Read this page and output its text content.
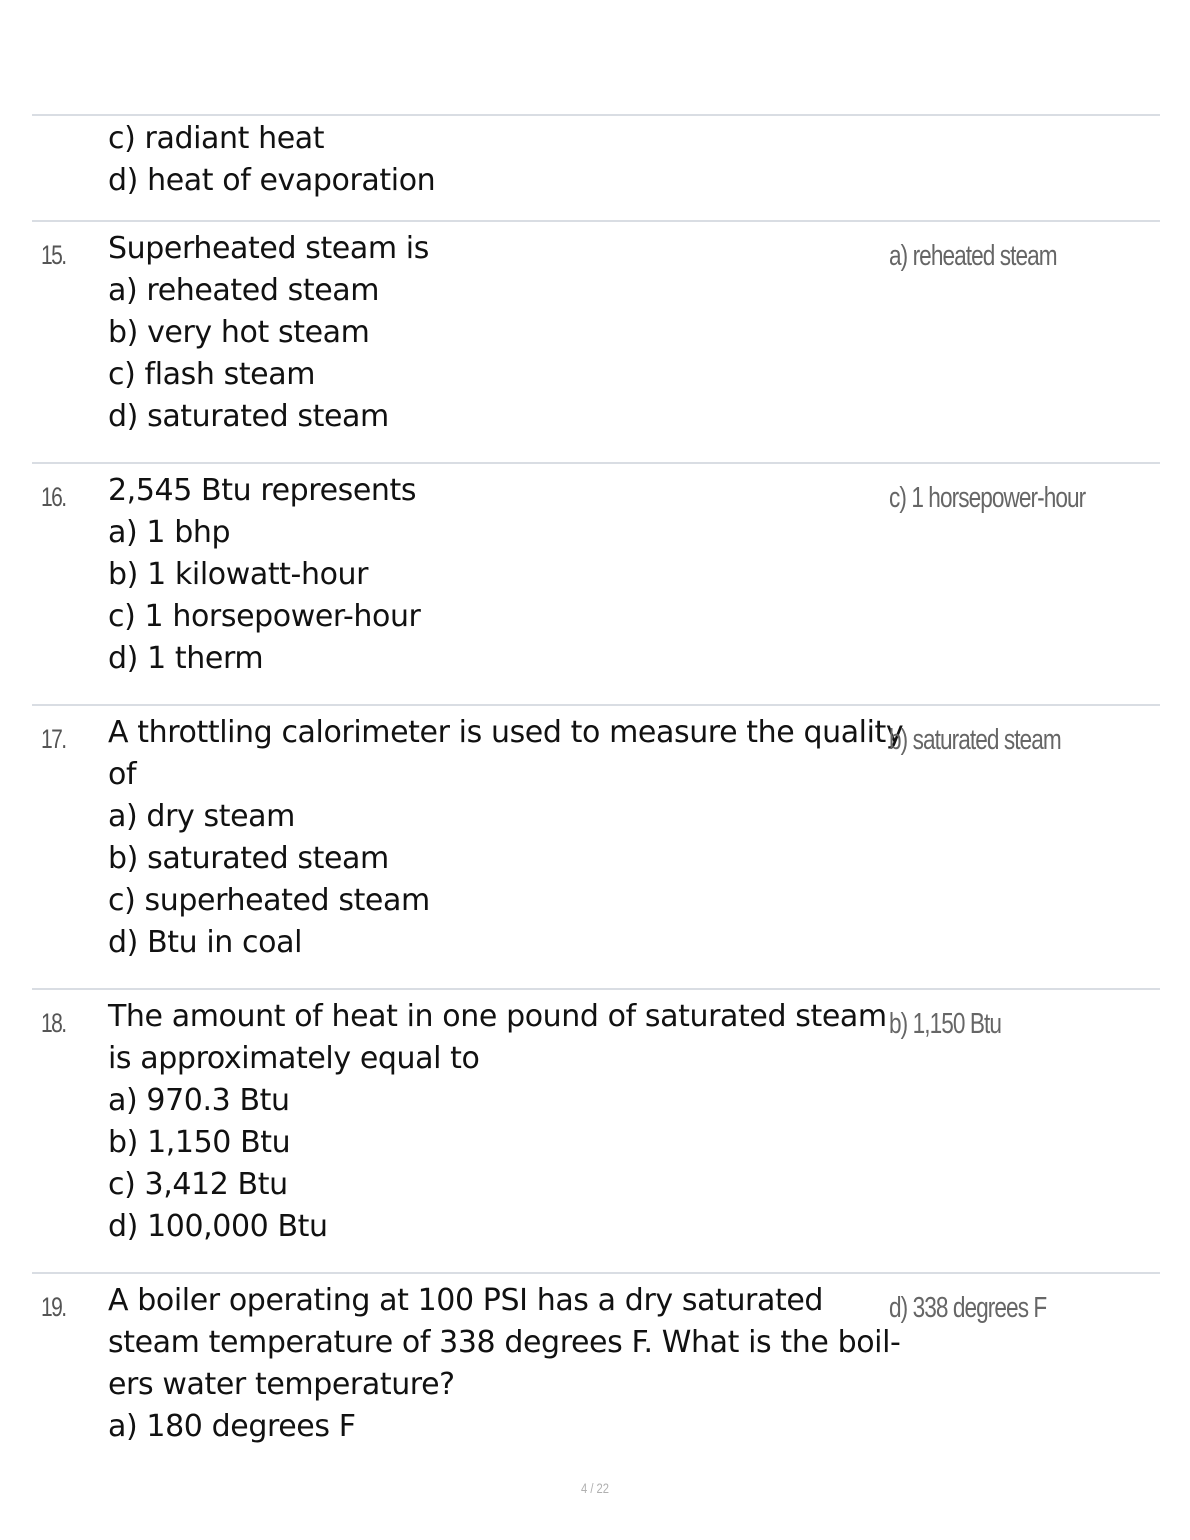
c) radiant heat
d) heat of evaporation
15. Superheated steam is
a) reheated steam
b) very hot steam
c) flash steam
d) saturated steam
a) reheated steam
16. 2,545 Btu represents
a) 1 bhp
b) 1 kilowatt-hour
c) 1 horsepower-hour
d) 1 therm
c) 1 horsepower-hour
17. A throttling calorimeter is used to measure the quality
of
a) dry steam
b) saturated steam
c) superheated steam
d) Btu in coal
b) saturated steam
18. The amount of heat in one pound of saturated steam
is approximately equal to
a) 970.3 Btu
b) 1,150 Btu
c) 3,412 Btu
d) 100,000 Btu
b) 1,150 Btu
19. A boiler operating at 100 PSI has a dry saturated
steam temperature of 338 degrees F. What is the boil-
ers water temperature?
a) 180 degrees F
d) 338 degrees F
4 / 22
